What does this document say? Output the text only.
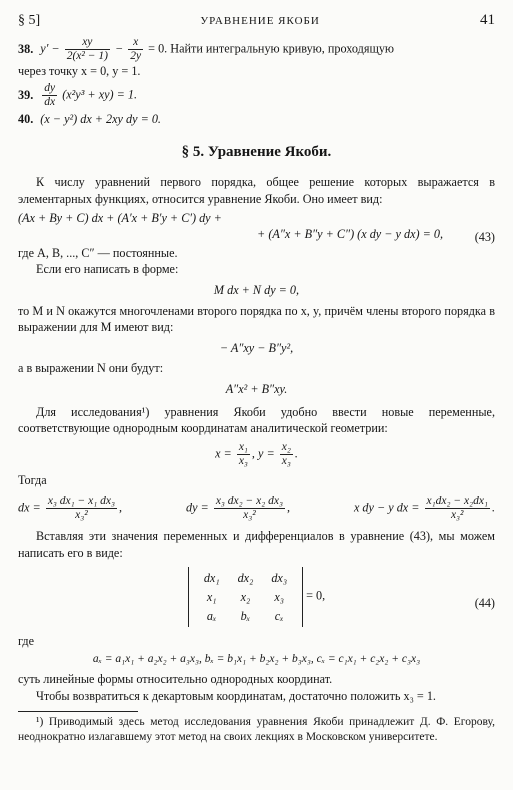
§ 5]	УРАВНЕНИЕ ЯКОБИ	41
38. $y' - \frac{xy}{\text{2(x² − 1)}} - \frac{x}{2y} = 0$. Найти интегральную кривую, проходящую
через точку x = 0, y = 1.
39. $\frac{dy}{dx} (x^2y^3 + xy) = 1$.
40. (x − y²) dx + 2xy dy = 0.
§ 5. Уравнение Якоби.

К числу уравнений первого порядка, общее решение которых выражается в элементарных функциях, относится уравнение Якоби. Оно имеет вид:

(Ax + By + C) dx + (A′x + B′y + C′) dy +
+ (A″x + B″y + C″) (x dy − y dx) = 0,	(43)

где A, B, ..., C″ — постоянные.

Если его написать в форме:

M dx + N dy = 0,

то M и N окажутся многочленами второго порядка по x, y, причём члены второго порядка в выражении для M имеют вид:

− A″xy − B″y²,

а в выражении N они будут:

A″x² + B″xy.

Для исследования¹) уравнения Якоби удобно ввести новые переменные, соответствующие однородным координатам аналитической геометрии:

$x = \frac{\text{x₁}}{\text{x₃}}$ , $y = \frac{\text{x₂}}{\text{x₃}}$ .

Тогда

dx = $\frac{\text{x₃ dx₁ − x₁ dx₃}}{\text{x₃²}}$ ,	dy = $\frac{\text{x₃ dx₂ − x₂ dx₃}}{\text{x₃²}}$ ,	x dy − y dx = $\frac{\text{x₁dx₂ − x₂dx₁}}{\text{x₃²}}$ .

Вставляя эти значения переменных и дифференциалов в уравнение (43), мы можем написать его в виде:

dx₁	dx₂	dx₃
x₁	x₂	x₃
aₓ	bₓ	cₓ
= 0,
(44)

где

aₓ = a₁x₁ + a₂x₂ + a₃x₃, bₓ = b₁x₁ + b₂x₂ + b₃x₃, cₓ = c₁x₁ + c₂x₂ + c₃x₃

суть линейные формы относительно однородных координат.

Чтобы возвратиться к декартовым координатам, достаточно положить x₃ = 1.

¹) Приводимый здесь метод исследования уравнения Якоби принадлежит Д. Ф. Егорову, неоднократно излагавшему этот метод на своих лекциях в Московском университете.
